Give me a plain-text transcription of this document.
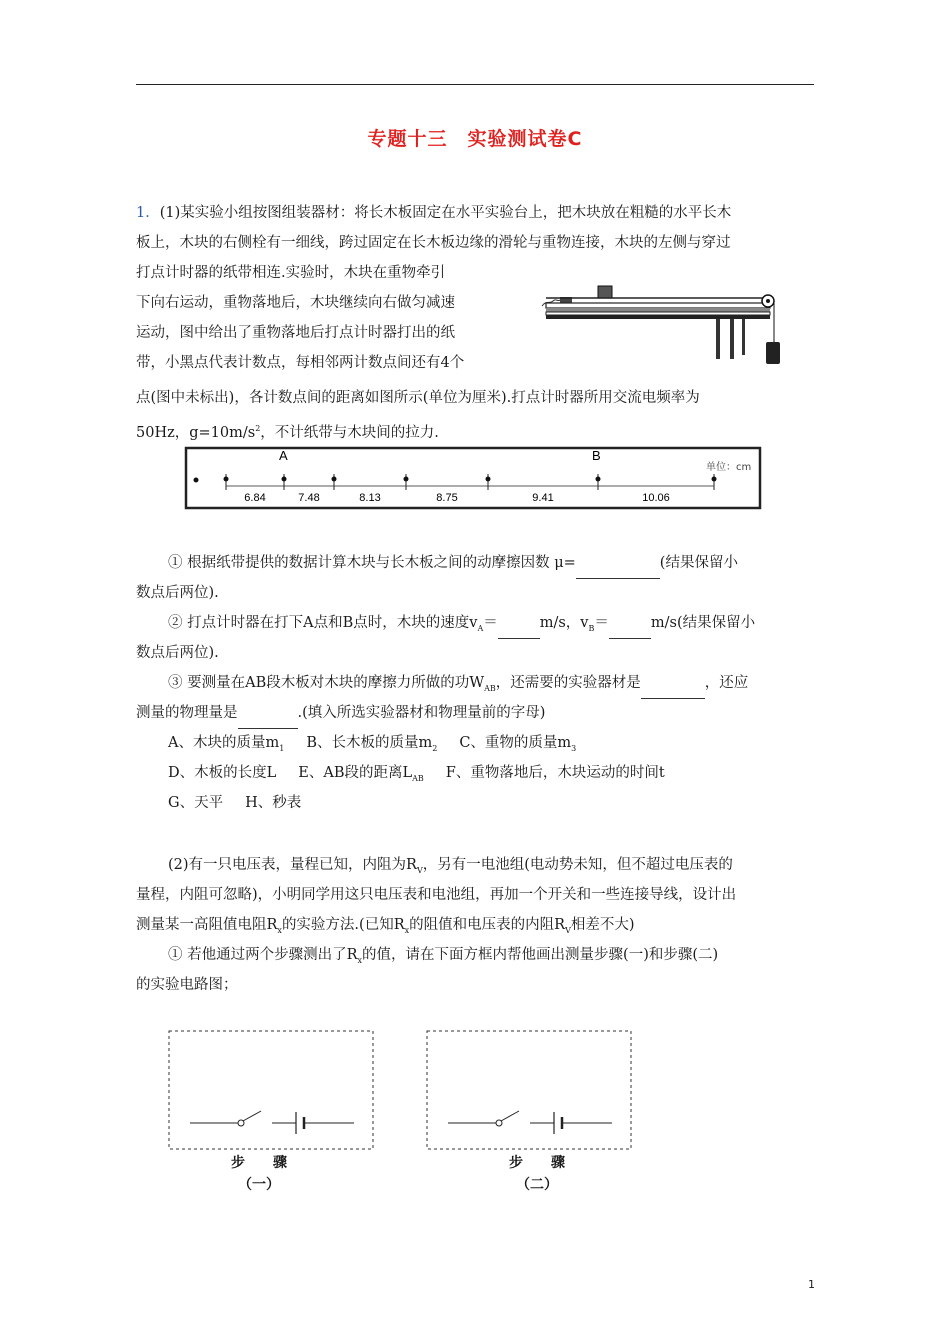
专题十三　实验测试卷C
1．(1)某实验小组按图组装器材：将长木板固定在水平实验台上，把木块放在粗糙的水平长木
板上，木块的右侧栓有一细线，跨过固定在长木板边缘的滑轮与重物连接，木块的左侧与穿过
打点计时器的纸带相连.实验时，木块在重物牵引
下向右运动，重物落地后，木块继续向右做匀减速
运动，图中给出了重物落地后打点计时器打出的纸
带，小黑点代表计数点，每相邻两计数点间还有4个
点(图中未标出)，各计数点间的距离如图所示(单位为厘米).打点计时器所用交流电频率为
50Hz，$g=10m/s^2$，不计纸带与木块间的拉力.
A	B
单位：cm
6.84	7.48	8.13	8.75	9.41	10.06
① 根据纸带提供的数据计算木块与长木板之间的动摩擦因数 μ=	(结果保留小
数点后两位).
② 打点计时器在打下A点和B点时，木块的速度$v_A=$	m/s，$v_B=$	m/s(结果保留小
数点后两位).
③ 要测量在AB段木板对木块的摩擦力所做的功$W_{AB}$，还需要的实验器材是	，还应
测量的物理量是	.(填入所选实验器材和物理量前的字母)
A、木块的质量$m_1$ B、长木板的质量$m_2$ C、重物的质量$m_3$
D、木板的长度L E、AB段的距离$L_{AB}$ F、重物落地后，木块运动的时间t
G、天平 H、秒表
(2)有一只电压表，量程已知，内阻为$R_V$，另有一电池组(电动势未知，但不超过电压表的
量程，内阻可忽略)，小明同学用这只电压表和电池组，再加一个开关和一些连接导线，设计出
测量某一高阻值电阻$R_x$的实验方法.(已知$R_x$的阻值和电压表的内阻$R_V$相差不大)
① 若他通过两个步骤测出了$R_x$的值，请在下面方框内帮他画出测量步骤(一)和步骤(二)
的实验电路图；
步　　骤
（一）
步　　骤
（二）
1
